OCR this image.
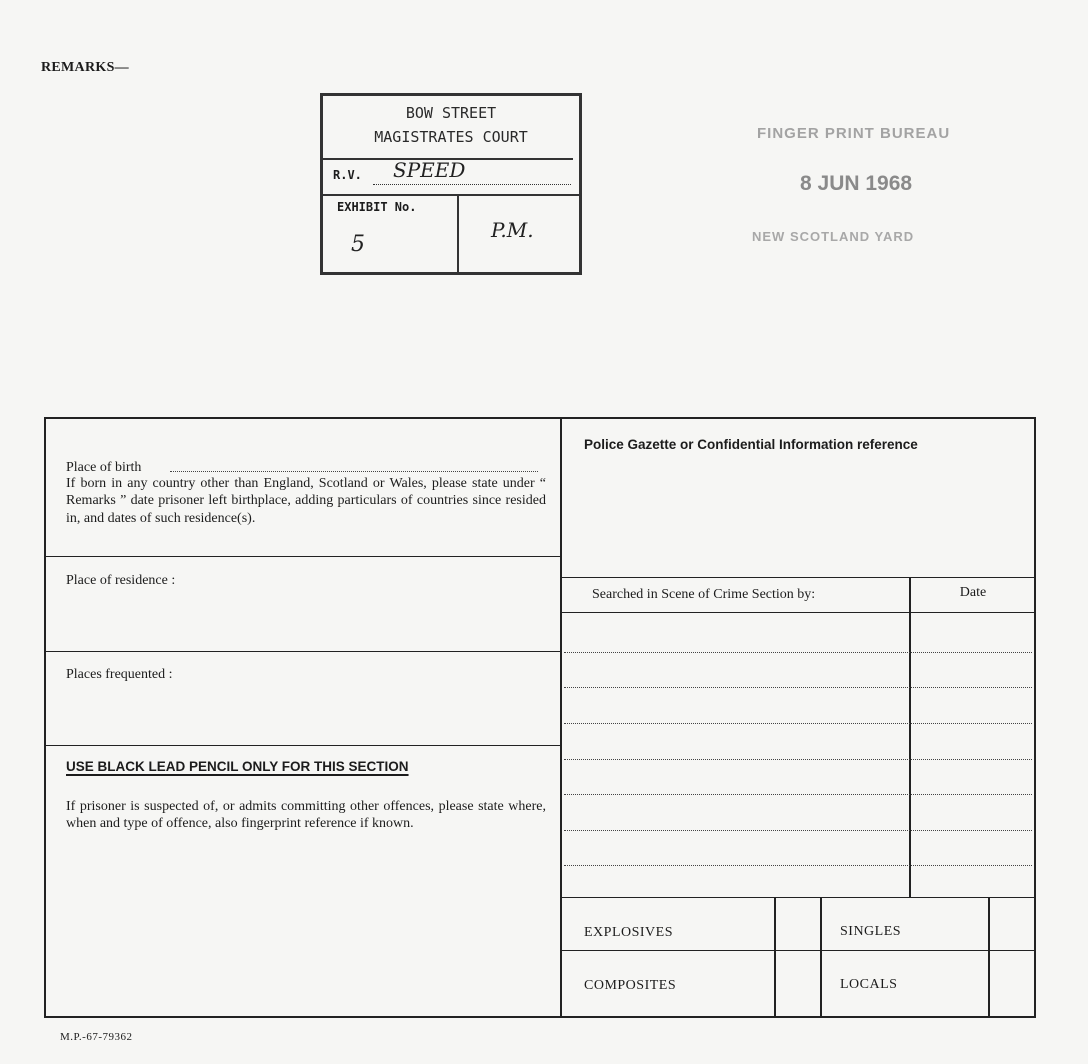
REMARKS—
BOW STREET
MAGISTRATES COURT
R.V. SPEED
EXHIBIT No.
5
P.M.
FINGER PRINT BUREAU
8 JUN 1968
NEW SCOTLAND YARD
Place of birth
If born in any country other than England, Scotland or Wales, please state under “ Remarks ” date prisoner left birthplace, adding particulars of countries since resided in, and dates of such residence(s).
Place of residence :
Places frequented :
USE BLACK LEAD PENCIL ONLY FOR THIS SECTION
If prisoner is suspected of, or admits committing other offences, please state where, when and type of offence, also fingerprint reference if known.
Police Gazette or Confidential Information reference
Searched in Scene of Crime Section by:	Date
EXPLOSIVES
COMPOSITES
SINGLES
LOCALS
M.P.-67-79362
